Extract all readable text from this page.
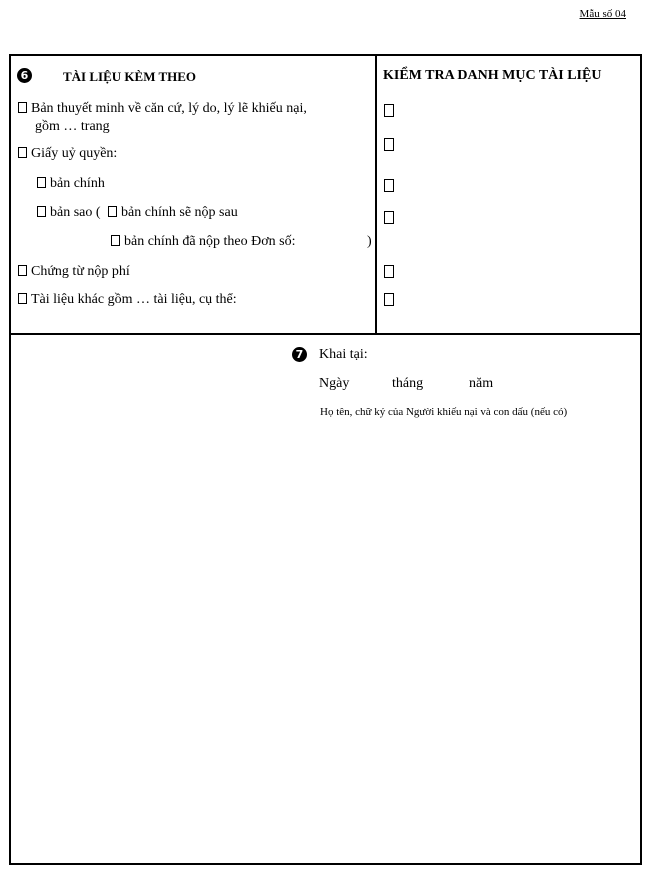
Mẫu số 04
6	TÀI LIỆU KÈM THEO
Bản thuyết minh về căn cứ, lý do, lý lẽ khiếu nại,
gồm … trang
Giấy uỷ quyền:
bản chính
bản sao ( bản chính sẽ nộp sau
bản chính đã nộp theo Đơn số:	)
Chứng từ nộp phí
Tài liệu khác gồm … tài liệu, cụ thể:
KIỂM TRA DANH MỤC TÀI LIỆU
7 Khai tại:
Ngày	tháng	năm
Họ tên, chữ ký của Người khiếu nại và con dấu (nếu có)
